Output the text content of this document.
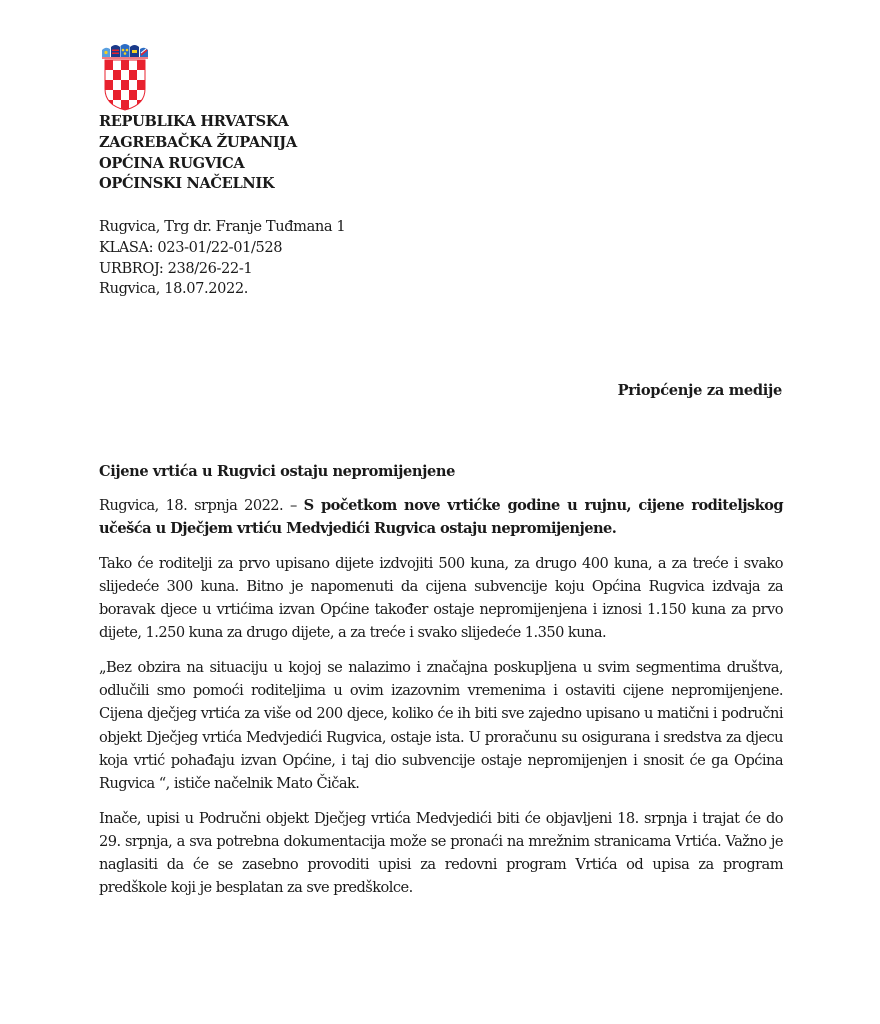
REPUBLIKA HRVATSKA
ZAGREBAČKA ŽUPANIJA
OPĆINA RUGVICA
OPĆINSKI NAČELNIK
Rugvica, Trg dr. Franje Tuđmana 1
KLASA: 023-01/22-01/528
URBROJ: 238/26-22-1
Rugvica, 18.07.2022.
Priopćenje za medije
Cijene vrtića u Rugvici ostaju nepromijenjene

Rugvica, 18. srpnja 2022. – S početkom nove vrtićke godine u rujnu, cijene roditeljskog učešća u Dječjem vrtiću Medvjedići Rugvica ostaju nepromijenjene.

Tako će roditelji za prvo upisano dijete izdvojiti 500 kuna, za drugo 400 kuna, a za treće i svako slijedeće 300 kuna. Bitno je napomenuti da cijena subvencije koju Općina Rugvica izdvaja za boravak djece u vrtićima izvan Općine također ostaje nepromijenjena i iznosi 1.150 kuna za prvo dijete, 1.250 kuna za drugo dijete, a za treće i svako slijedeće 1.350 kuna.

„Bez obzira na situaciju u kojoj se nalazimo i značajna poskupljena u svim segmentima društva, odlučili smo pomoći roditeljima u ovim izazovnim vremenima i ostaviti cijene nepromijenjene. Cijena dječjeg vrtića za više od 200 djece, koliko će ih biti sve zajedno upisano u matični i područni objekt Dječjeg vrtića Medvjedići Rugvica, ostaje ista. U proračunu su osigurana i sredstva za djecu koja vrtić pohađaju izvan Općine, i taj dio subvencije ostaje nepromijenjen i snosit će ga Općina Rugvica “, ističe načelnik Mato Čičak.

Inače, upisi u Područni objekt Dječjeg vrtića Medvjedići biti će objavljeni 18. srpnja i trajat će do 29. srpnja, a sva potrebna dokumentacija može se pronaći na mrežnim stranicama Vrtića. Važno je naglasiti da će se zasebno provoditi upisi za redovni program Vrtića od upisa za program predškole koji je besplatan za sve predškolce.
